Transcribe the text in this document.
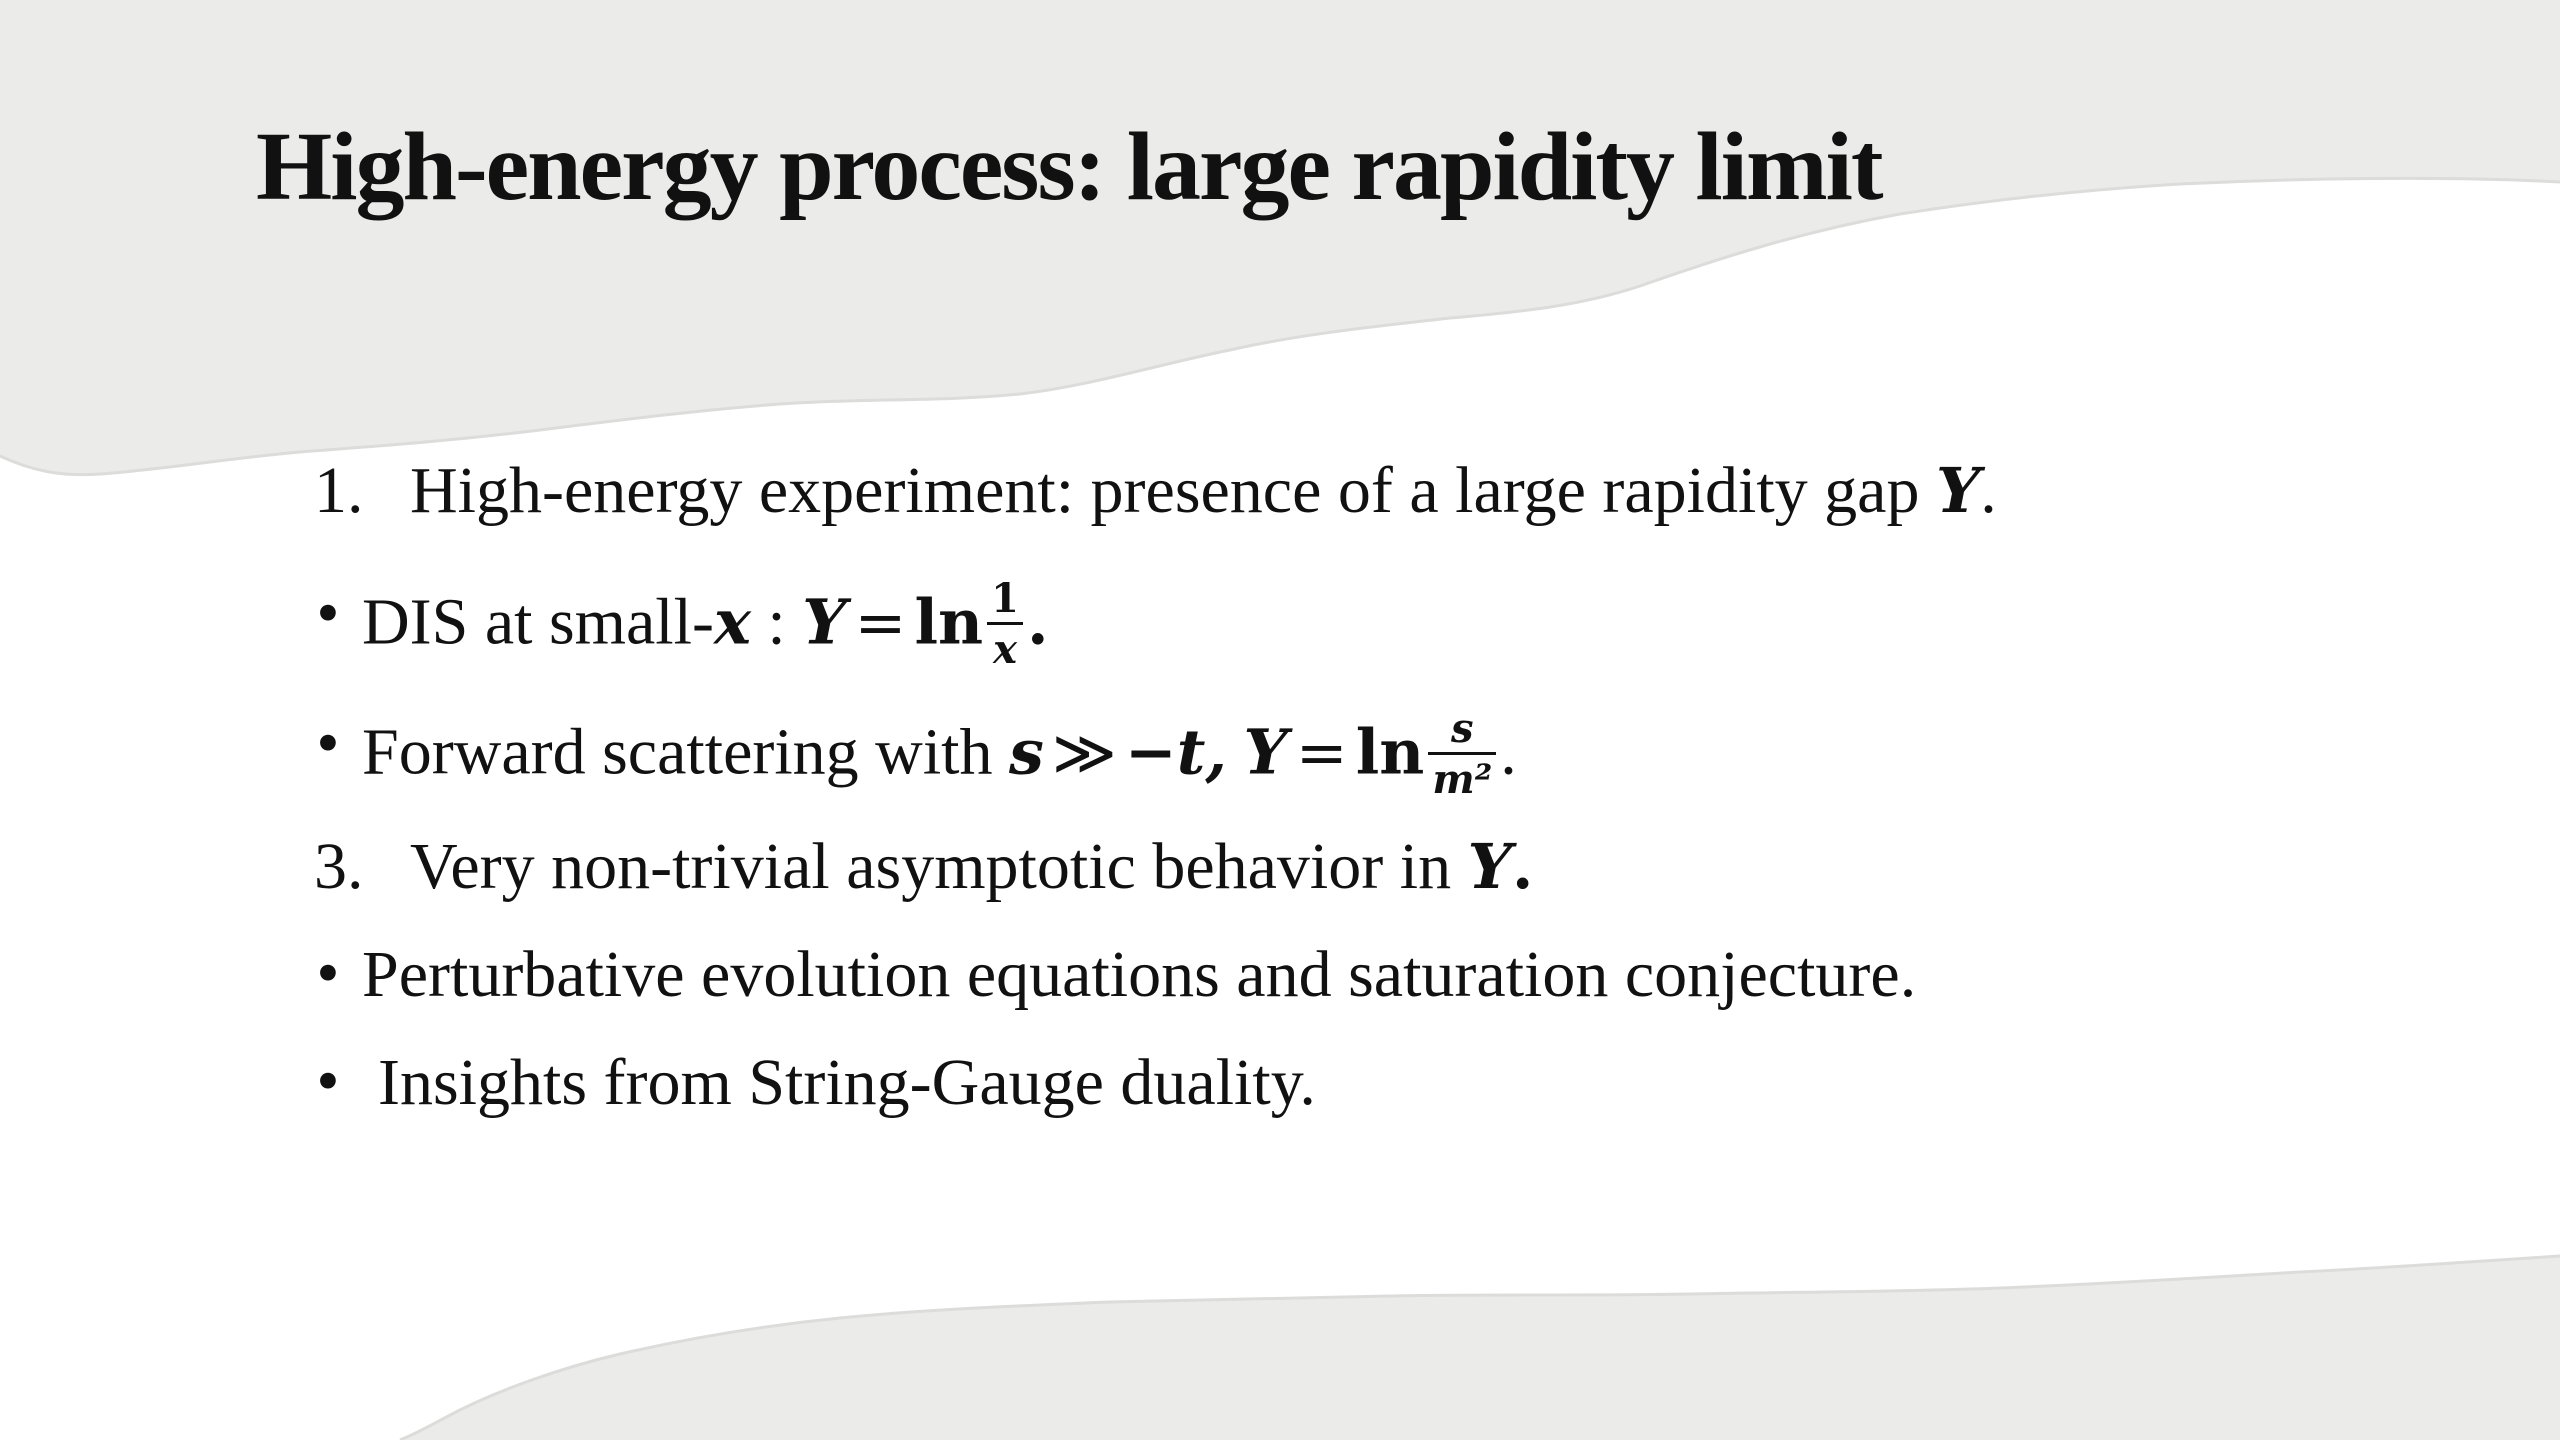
High-energy process: large rapidity limit
1. High-energy experiment: presence of a large rapidity gap Y.
• DIS at small-x : $Y = \ln \frac{1}{x}$ .
• Forward scattering with s ≫ −t, $Y = \ln \frac{s}{\text{m²}}$ .
3. Very non-trivial asymptotic behavior in Y.
• Perturbative evolution equations and saturation conjecture.
• Insights from String-Gauge duality.
